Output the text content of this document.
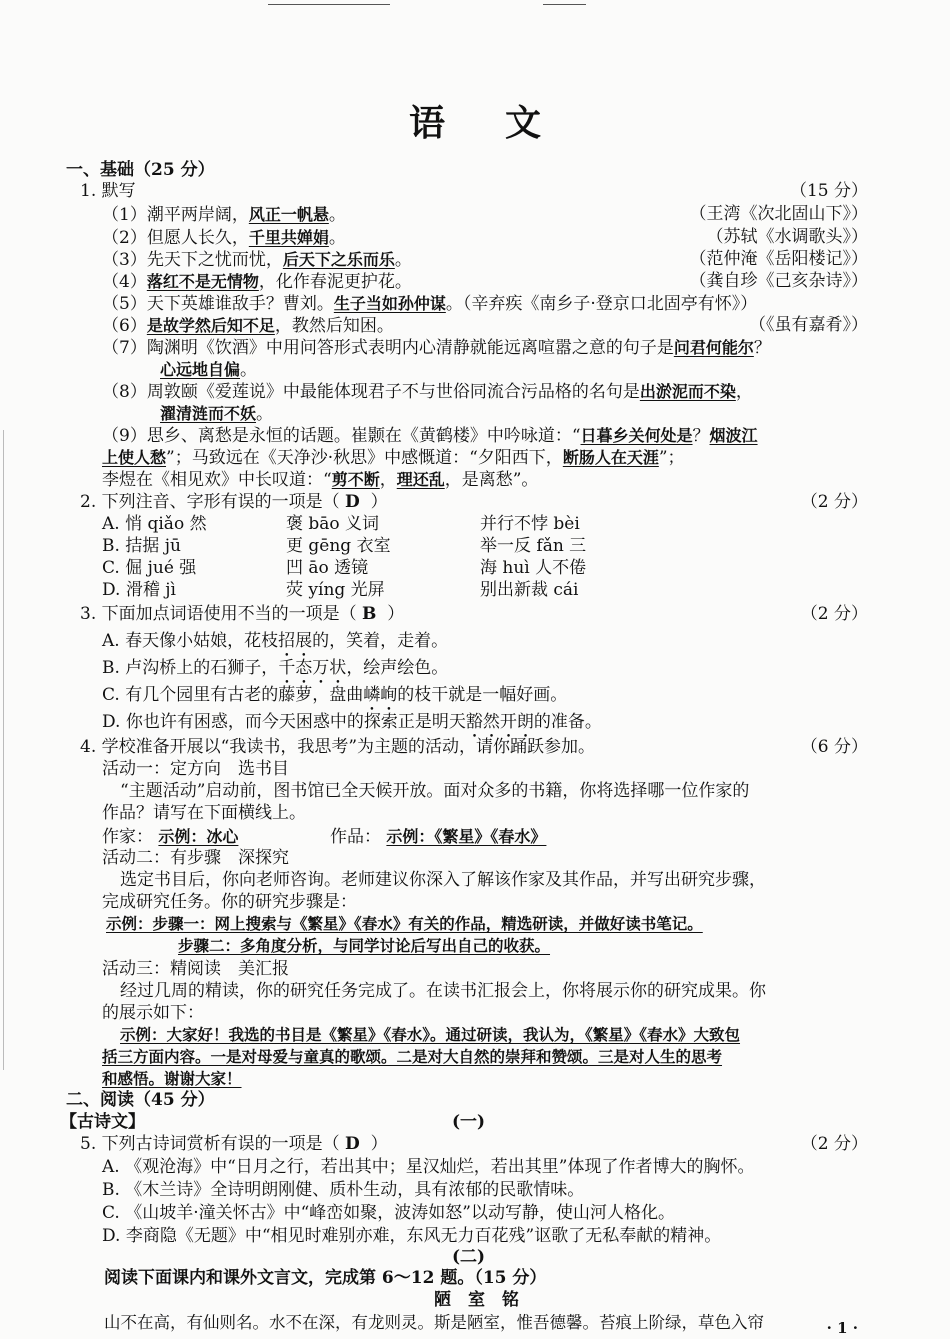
语文
一、基础（25 分）
1. 默写	（15 分）
（1）潮平两岸阔，风正一帆悬。	（王湾《次北固山下》）
（2）但愿人长久，千里共婵娟。	（苏轼《水调歌头》）
（3）先天下之忧而忧，后天下之乐而乐。	（范仲淹《岳阳楼记》）
（4）落红不是无情物，化作春泥更护花。	（龚自珍《己亥杂诗》）
（5）天下英雄谁敌手？曹刘。生子当如孙仲谋。（辛弃疾《南乡子·登京口北固亭有怀》）
（6）是故学然后知不足，教然后知困。	（《虽有嘉肴》）
（7）陶渊明《饮酒》中用问答形式表明内心清静就能远离喧嚣之意的句子是问君何能尔？
心远地自偏。
（8）周敦颐《爱莲说》中最能体现君子不与世俗同流合污品格的名句是出淤泥而不染，
濯清涟而不妖。
（9）思乡、离愁是永恒的话题。崔颢在《黄鹤楼》中吟咏道：“日暮乡关何处是？烟波江
上使人愁”；马致远在《天净沙·秋思》中感慨道：“夕阳西下，断肠人在天涯”；
李煜在《相见欢》中长叹道：“剪不断，理还乱，是离愁”。
2. 下列注音、字形有误的一项是（ D ）	（2 分）
A. 悄 qiǎo 然	褒 bāo 义词	并行不悖 bèi
B. 拮据 jū	更 gēng 衣室	举一反 fǎn 三
C. 倔 jué 强	凹 āo 透镜	海 huì 人不倦
D. 滑稽 jì	荧 yíng 光屏	别出新裁 cái
3. 下面加点词语使用不当的一项是（ B ）	（2 分）
A. 春天像小姑娘，花枝招展的，笑着，走着。
B. 卢沟桥上的石狮子，千态万状，绘声绘色。
C. 有几个园里有古老的藤萝，盘曲嶙峋的枝干就是一幅好画。
D. 你也许有困惑，而今天困惑中的探索正是明天豁然开朗的准备。
4. 学校准备开展以“我读书，我思考”为主题的活动，请你踊跃参加。	（6 分）
活动一：定方向　选书目
“主题活动”启动前，图书馆已全天候开放。面对众多的书籍，你将选择哪一位作家的
作品？请写在下面横线上。
作家： 示例：冰心	作品： 示例：《繁星》《春水》
活动二：有步骤　深探究
选定书目后，你向老师咨询。老师建议你深入了解该作家及其作品，并写出研究步骤，
完成研究任务。你的研究步骤是：
示例：步骤一：网上搜索与《繁星》《春水》有关的作品，精选研读，并做好读书笔记。
步骤二：多角度分析，与同学讨论后写出自己的收获。
活动三：精阅读　美汇报
经过几周的精读，你的研究任务完成了。在读书汇报会上，你将展示你的研究成果。你
的展示如下：
示例：大家好！我选的书目是《繁星》《春水》。通过研读，我认为，《繁星》《春水》大致包
括三方面内容。一是对母爱与童真的歌颂。二是对大自然的崇拜和赞颂。三是对人生的思考
和感悟。谢谢大家！
二、阅读（45 分）
【古诗文】	(一)
5. 下列古诗词赏析有误的一项是（ D ）	（2 分）
A. 《观沧海》中“日月之行，若出其中；星汉灿烂，若出其里”体现了作者博大的胸怀。
B. 《木兰诗》全诗明朗刚健、质朴生动，具有浓郁的民歌情味。
C. 《山坡羊·潼关怀古》中“峰峦如聚，波涛如怒”以动写静，使山河人格化。
D. 李商隐《无题》中“相见时难别亦难，东风无力百花残”讴歌了无私奉献的精神。
(二)
阅读下面课内和课外文言文，完成第 6～12 题。（15 分）
陋　室　铭
山不在高，有仙则名。水不在深，有龙则灵。斯是陋室，惟吾德馨。苔痕上阶绿，草色入帘	· 1 ·
